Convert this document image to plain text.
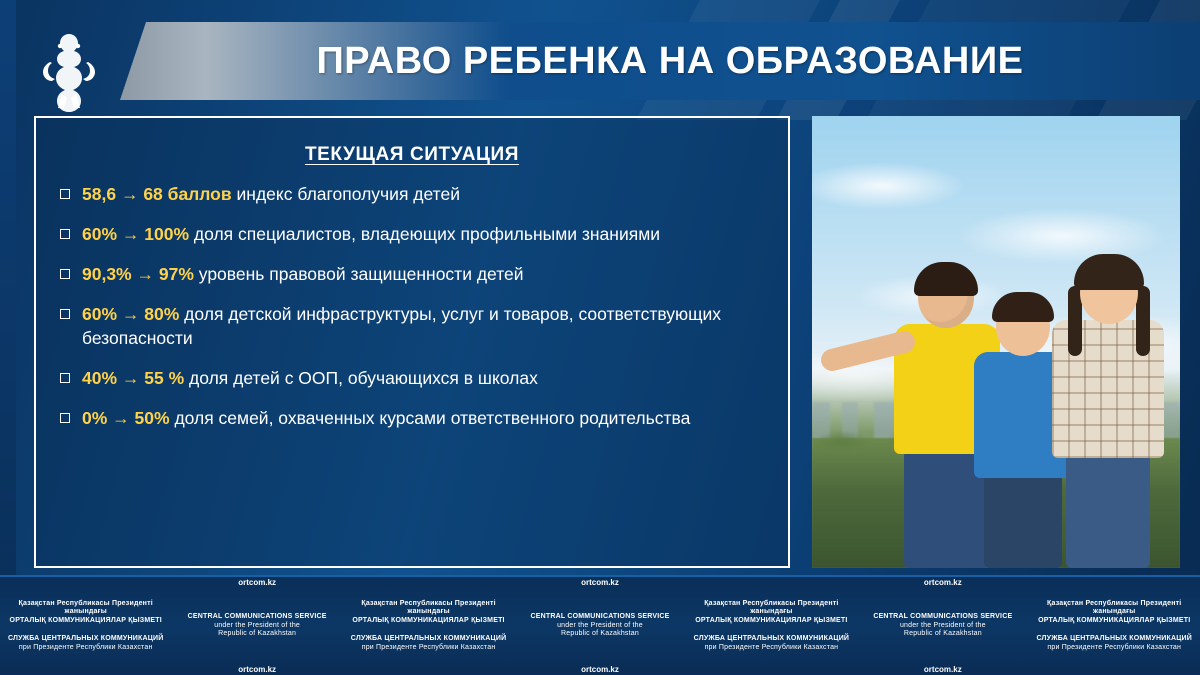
ПРАВО РЕБЕНКА НА ОБРАЗОВАНИЕ
ТЕКУЩАЯ СИТУАЦИЯ
58,6 → 68 баллов индекс благополучия детей
60% → 100% доля специалистов, владеющих профильными знаниями
90,3% → 97% уровень правовой защищенности детей
60% → 80% доля детской инфраструктуры, услуг и товаров, соответствующих безопасности
40% → 55 % доля детей с ООП, обучающихся в школах
0% → 50% доля семей, охваченных курсами ответственного родительства
Қазақстан Республикасы Президенті жанындағы
ОРТАЛЫҚ КОММУНИКАЦИЯЛАР ҚЫЗМЕТІ
СЛУЖБА ЦЕНТРАЛЬНЫХ КОММУНИКАЦИЙ
при Президенте Республики Казахстан
ortcom.kz
CENTRAL COMMUNICATIONS SERVICE
under the President of the
Republic of Kazakhstan
ortcom.kz
Қазақстан Республикасы Президенті жанындағы
ОРТАЛЫҚ КОММУНИКАЦИЯЛАР ҚЫЗМЕТІ
СЛУЖБА ЦЕНТРАЛЬНЫХ КОММУНИКАЦИЙ
при Президенте Республики Казахстан
ortcom.kz
CENTRAL COMMUNICATIONS SERVICE
under the President of the
Republic of Kazakhstan
ortcom.kz
Қазақстан Республикасы Президенті жанындағы
ОРТАЛЫҚ КОММУНИКАЦИЯЛАР ҚЫЗМЕТІ
СЛУЖБА ЦЕНТРАЛЬНЫХ КОММУНИКАЦИЙ
при Президенте Республики Казахстан
ortcom.kz
CENTRAL COMMUNICATIONS SERVICE
under the President of the
Republic of Kazakhstan
ortcom.kz
Қазақстан Республикасы Президенті жанындағы
ОРТАЛЫҚ КОММУНИКАЦИЯЛАР ҚЫЗМЕТІ
СЛУЖБА ЦЕНТРАЛЬНЫХ КОММУНИКАЦИЙ
при Президенте Республики Казахстан
